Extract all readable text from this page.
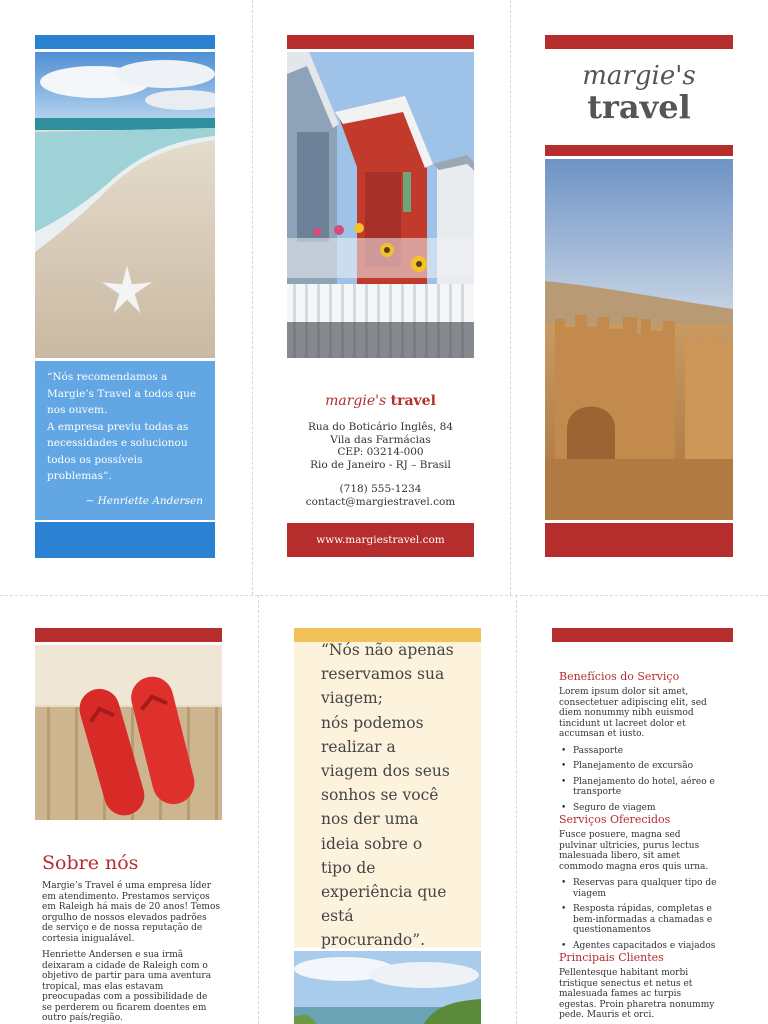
“Nós recomendamos a
Margie’s Travel a todos que
nos ouvem.
A empresa previu todas as
necessidades e solucionou
todos os possíveis
problemas”.
~ Henriette Andersen
margie's travel
Rua do Boticário Inglês, 84
Vila das Farmácias
CEP: 03214-000
Rio de Janeiro - RJ – Brasil
(718) 555-1234
contact@margiestravel.com
www.margiestravel.com
margie's
travel
Sobre nós
Margie’s Travel é uma empresa líder em atendimento. Prestamos serviços em Raleigh há mais de 20 anos! Temos orgulho de nossos elevados padrões de serviço e de nossa reputação de cortesia inigualável.
Henriette Andersen e sua irmã deixaram a cidade de Raleigh com o objetivo de partir para uma aventura tropical, mas elas estavam preocupadas com a possibilidade de se perderem ou ficarem doentes em outro país/região.
“Nós não apenas
reservamos sua
viagem;
nós podemos
realizar a
viagem dos seus
sonhos se você
nos der uma
ideia sobre o
tipo de
experiência que
está
procurando”.
Benefícios do Serviço
Lorem ipsum dolor sit amet, consectetuer adipiscing elit, sed diem nonummy nibh euismod tincidunt ut lacreet dolor et accumsan et iusto.
• Passaporte
• Planejamento de excursão
• Planejamento do hotel, aéreo e transporte
• Seguro de viagem
Serviços Oferecidos
Fusce posuere, magna sed pulvinar ultricies, purus lectus malesuada libero, sit amet commodo magna eros quis urna.
• Reservas para qualquer tipo de viagem
• Resposta rápidas, completas e bem-informadas a chamadas e questionamentos
• Agentes capacitados e viajados
Principais Clientes
Pellentesque habitant morbi tristique senectus et netus et malesuada fames ac turpis egestas. Proin pharetra nonummy pede. Mauris et orci.
